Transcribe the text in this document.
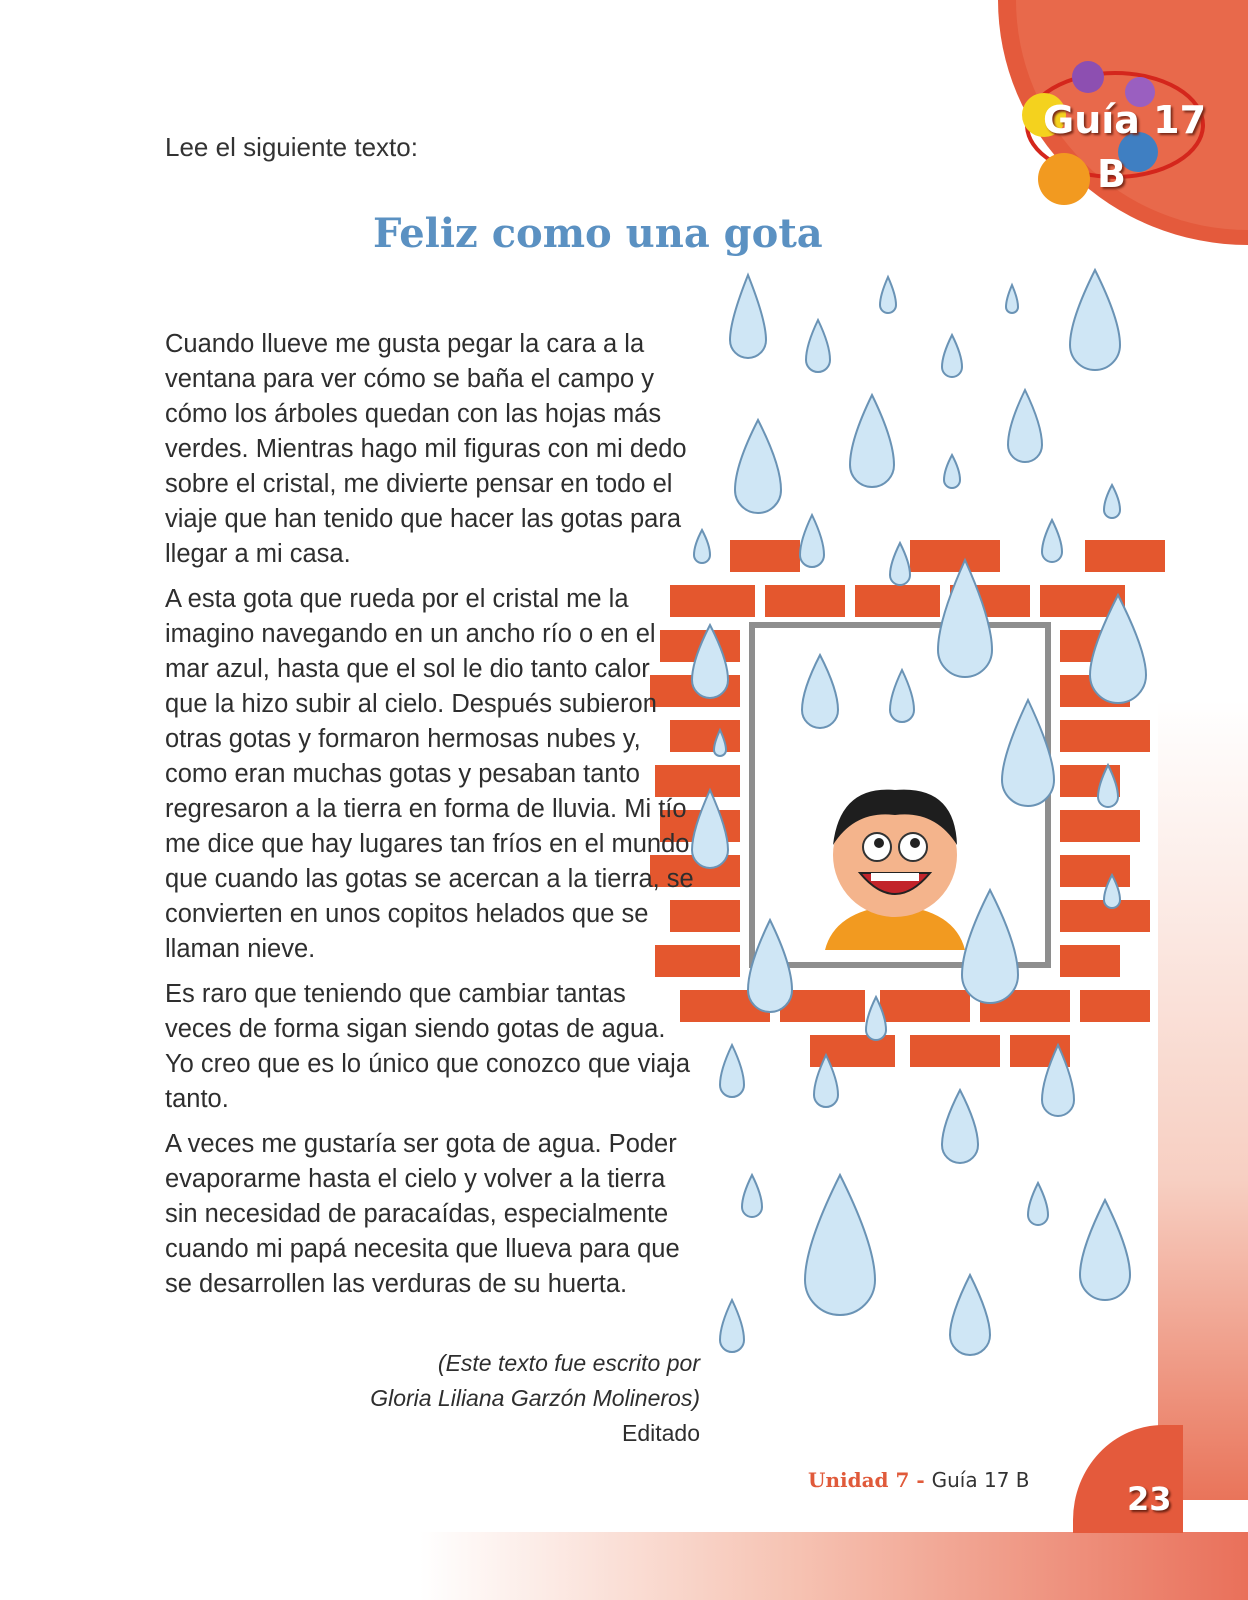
Guía 17
B
Lee el siguiente texto:
Feliz como una gota

Cuando llueve me gusta pegar la cara a la ventana para ver cómo se baña el campo y cómo los árboles quedan con las hojas más verdes. Mientras hago mil figuras con mi dedo sobre el cristal, me divierte pensar en todo el viaje que han tenido que hacer las gotas para llegar a mi casa.

A esta gota que rueda por el cristal me la imagino navegando en un ancho río o en el mar azul, hasta que el sol le dio tanto calor que la hizo subir al cielo. Después subieron otras gotas y formaron hermosas nubes y, como eran muchas gotas y pesaban tanto regresaron a la tierra en forma de lluvia. Mi tío me dice que hay lugares tan fríos en el mundo que cuando las gotas se acercan a la tierra, se convierten en unos copitos helados que se llaman nieve.

Es raro que teniendo que cambiar tantas veces de forma sigan siendo gotas de agua. Yo creo que es lo único que conozco que viaja tanto.

A veces me gustaría ser gota de agua. Poder evaporarme hasta el cielo y volver a la tierra sin necesidad de paracaídas, especialmente cuando mi papá necesita que llueva para que se desarrollen las verduras de su huerta.

(Este texto fue escrito por
Gloria Liliana Garzón Molineros)
Editado
Unidad 7 - Guía 17 B	23
